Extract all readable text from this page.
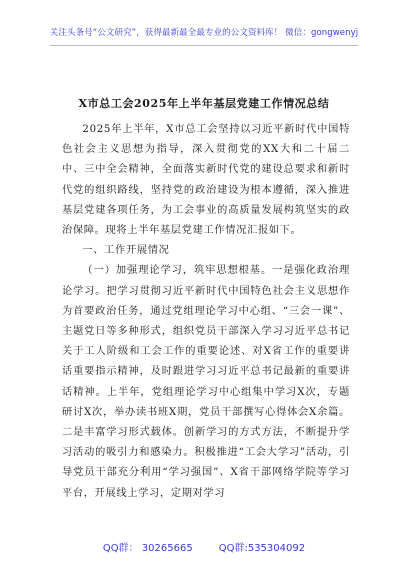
关注头条号“公文研究”，获得最新最全最专业的公文资料库！ 微信：gongwenyj
X市总工会2025年上半年基层党建工作情况总结

2025年上半年，X市总工会坚持以习近平新时代中国特色社会主义思想为指导，深入贯彻党的XX大和二十届二中、三中全会精神，全面落实新时代党的建设总要求和新时代党的组织路线，坚持党的政治建设为根本遵循，深入推进基层党建各项任务，为工会事业的高质量发展构筑坚实的政治保障。现将上半年基层党建工作情况汇报如下。

一、工作开展情况

（一）加强理论学习，筑牢思想根基。一是强化政治理论学习。把学习贯彻习近平新时代中国特色社会主义思想作为首要政治任务，通过党组理论学习中心组、“三会一课”、主题党日等多种形式，组织党员干部深入学习习近平总书记关于工人阶级和工会工作的重要论述、对X省工作的重要讲话重要指示精神，及时跟进学习习近平总书记最新的重要讲话精神。上半年，党组理论学习中心组集中学习X次，专题研讨X次，举办读书班X期，党员干部撰写心得体会X余篇。二是丰富学习形式载体。创新学习的方式方法，不断提升学习活动的吸引力和感染力。积极推进“工会大学习”活动，引导党员干部充分利用“学习强国”、X省干部网络学院等学习平台，开展线上学习，定期对学习

QQ群： 30265665	QQ群:535304092
